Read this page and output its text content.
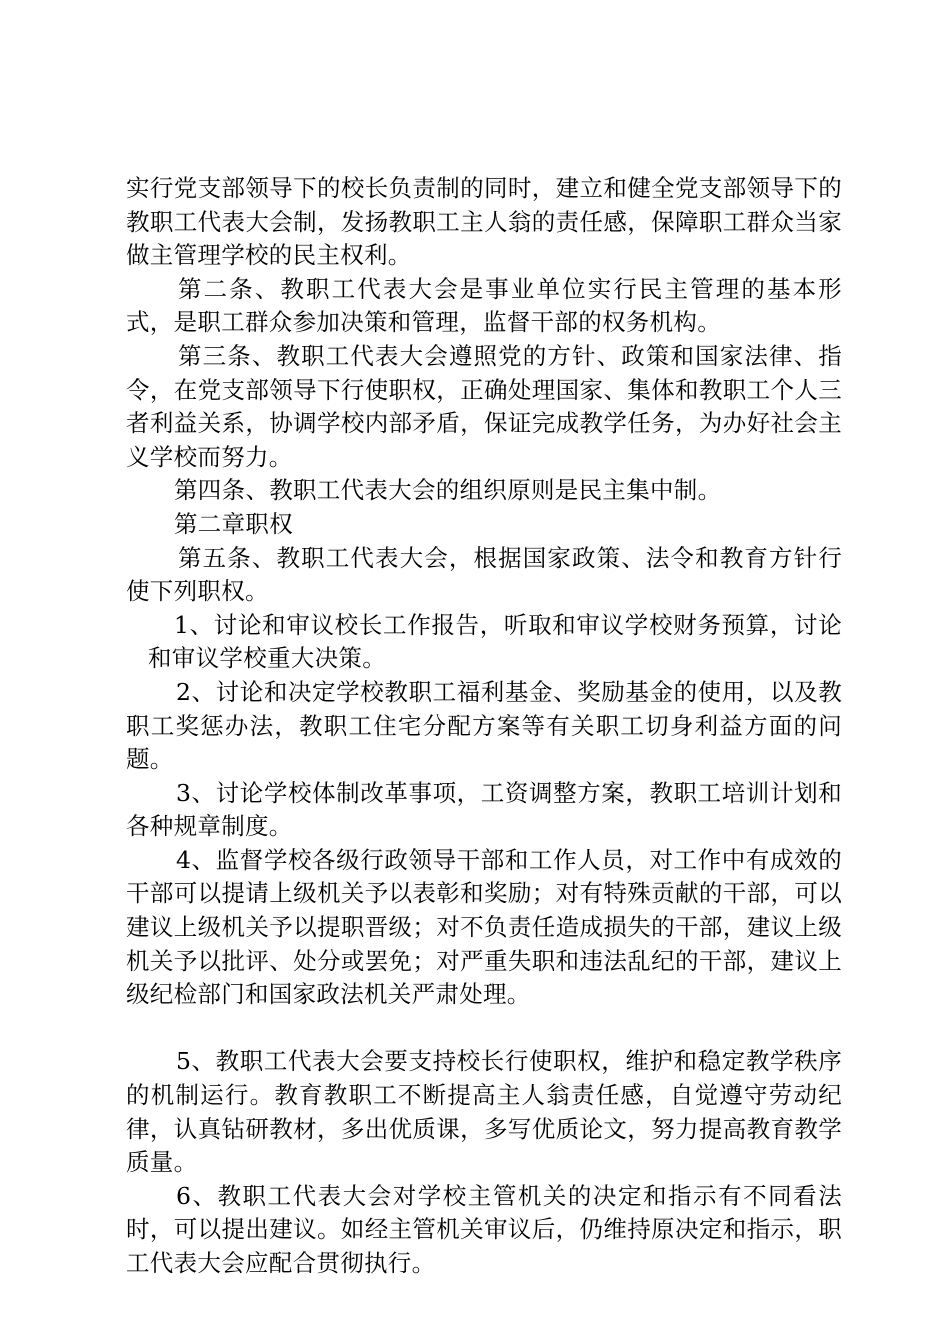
实行党支部领导下的校长负责制的同时，建立和健全党支部领导下的教职工代表大会制，发扬教职工主人翁的责任感，保障职工群众当家做主管理学校的民主权利。

第二条、教职工代表大会是事业单位实行民主管理的基本形式，是职工群众参加决策和管理，监督干部的权务机构。

第三条、教职工代表大会遵照党的方针、政策和国家法律、指令，在党支部领导下行使职权，正确处理国家、集体和教职工个人三者利益关系，协调学校内部矛盾，保证完成教学任务，为办好社会主义学校而努力。

第四条、教职工代表大会的组织原则是民主集中制。

第二章职权

第五条、教职工代表大会，根据国家政策、法令和教育方针行使下列职权。

1、讨论和审议校长工作报告，听取和审议学校财务预算，讨论和审议学校重大决策。

2、讨论和决定学校教职工福利基金、奖励基金的使用，以及教职工奖惩办法，教职工住宅分配方案等有关职工切身利益方面的问题。

3、讨论学校体制改革事项，工资调整方案，教职工培训计划和各种规章制度。

4、监督学校各级行政领导干部和工作人员，对工作中有成效的干部可以提请上级机关予以表彰和奖励；对有特殊贡献的干部，可以建议上级机关予以提职晋级；对不负责任造成损失的干部，建议上级机关予以批评、处分或罢免；对严重失职和违法乱纪的干部，建议上级纪检部门和国家政法机关严肃处理。

5、教职工代表大会要支持校长行使职权，维护和稳定教学秩序的机制运行。教育教职工不断提高主人翁责任感，自觉遵守劳动纪律，认真钻研教材，多出优质课，多写优质论文，努力提高教育教学质量。

6、教职工代表大会对学校主管机关的决定和指示有不同看法时，可以提出建议。如经主管机关审议后，仍维持原决定和指示，职工代表大会应配合贯彻执行。
